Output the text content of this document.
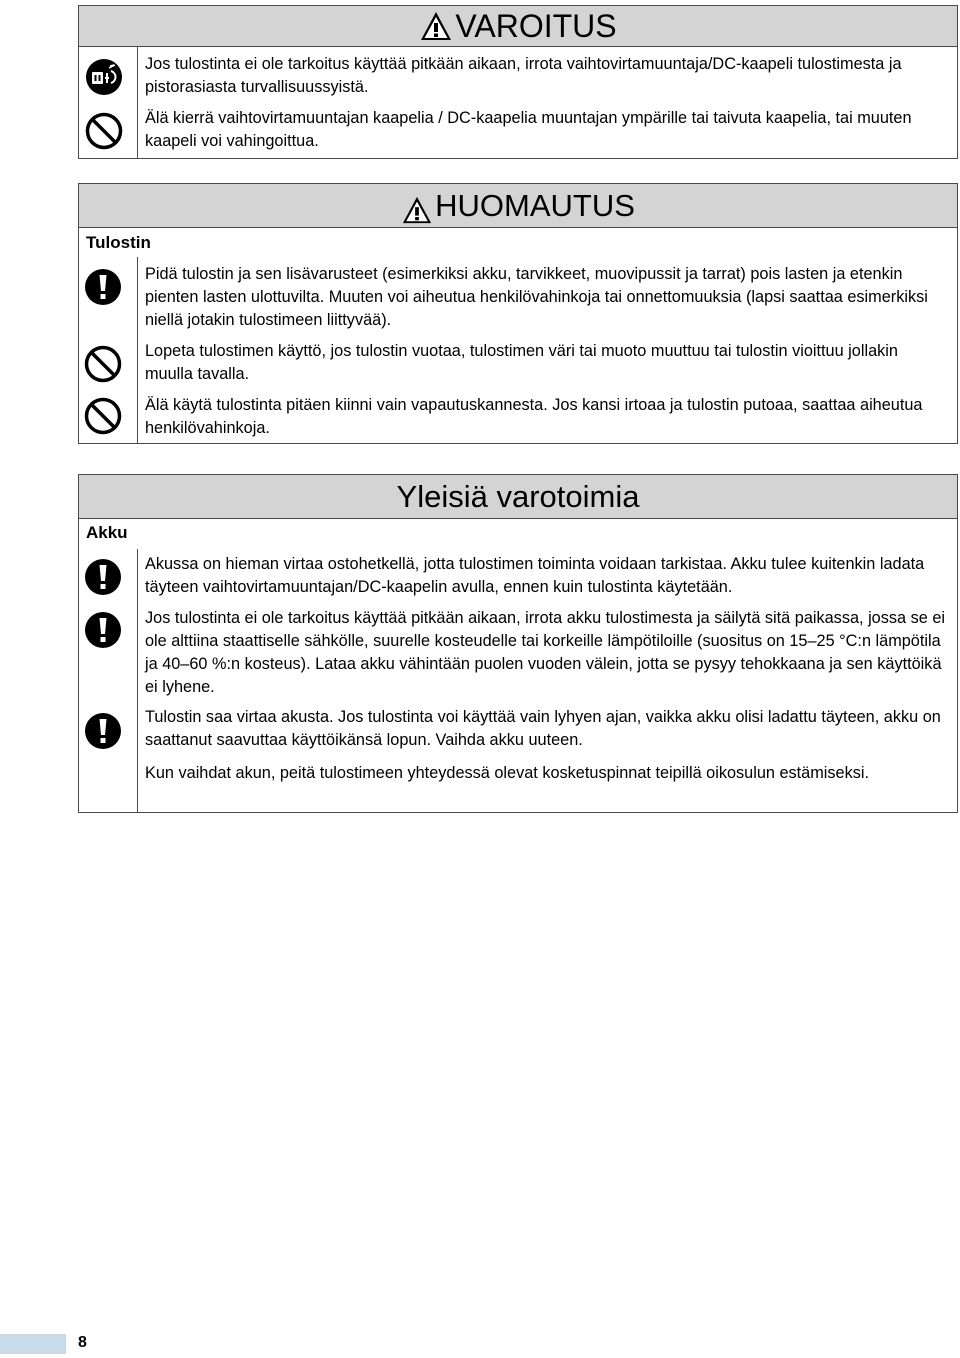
VAROITUS

Jos tulostinta ei ole tarkoitus käyttää pitkään aikaan, irrota vaihtovirtamuuntaja/DC-kaapeli tulostimesta ja pistorasiasta turvallisuussyistä.

Älä kierrä vaihtovirtamuuntajan kaapelia / DC-kaapelia muuntajan ympärille tai taivuta kaapelia, tai muuten kaapeli voi vahingoittua.

HUOMAUTUS
Tulostin

Pidä tulostin ja sen lisävarusteet (esimerkiksi akku, tarvikkeet, muovipussit ja tarrat) pois lasten ja etenkin pienten lasten ulottuvilta. Muuten voi aiheutua henkilövahinkoja tai onnettomuuksia (lapsi saattaa esimerkiksi niellä jotakin tulostimeen liittyvää).

Lopeta tulostimen käyttö, jos tulostin vuotaa, tulostimen väri tai muoto muuttuu tai tulostin vioittuu jollakin muulla tavalla.

Älä käytä tulostinta pitäen kiinni vain vapautuskannesta. Jos kansi irtoaa ja tulostin putoaa, saattaa aiheutua henkilövahinkoja.

Yleisiä varotoimia
Akku

Akussa on hieman virtaa ostohetkellä, jotta tulostimen toiminta voidaan tarkistaa. Akku tulee kuitenkin ladata täyteen vaihtovirtamuuntajan/DC-kaapelin avulla, ennen kuin tulostinta käytetään.

Jos tulostinta ei ole tarkoitus käyttää pitkään aikaan, irrota akku tulostimesta ja säilytä sitä paikassa, jossa se ei ole alttiina staattiselle sähkölle, suurelle kosteudelle tai korkeille lämpötiloille (suositus on 15–25 °C:n lämpötila ja 40–60 %:n kosteus). Lataa akku vähintään puolen vuoden välein, jotta se pysyy tehokkaana ja sen käyttöikä ei lyhene.

Tulostin saa virtaa akusta. Jos tulostinta voi käyttää vain lyhyen ajan, vaikka akku olisi ladattu täyteen, akku on saattanut saavuttaa käyttöikänsä lopun. Vaihda akku uuteen.

Kun vaihdat akun, peitä tulostimeen yhteydessä olevat kosketuspinnat teipillä oikosulun estämiseksi.

8
